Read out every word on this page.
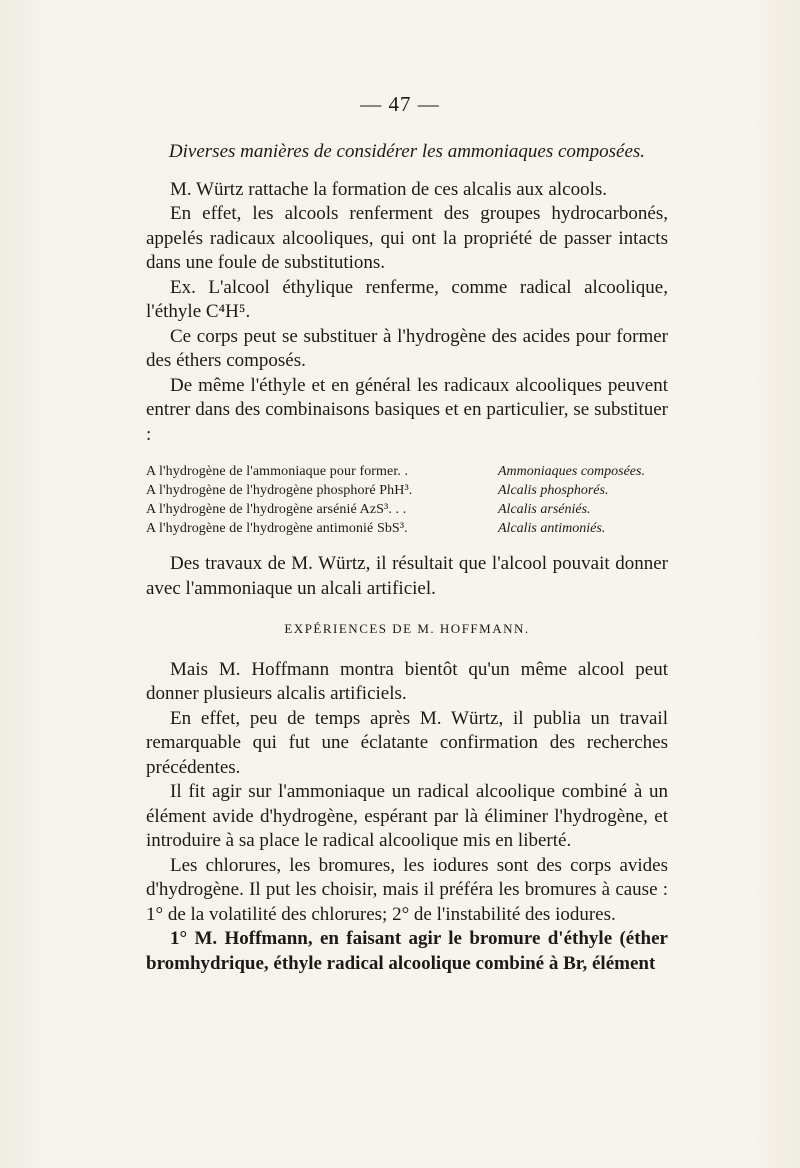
— 47 —
Diverses manières de considérer les ammoniaques composées.

M. Würtz rattache la formation de ces alcalis aux alcools.

En effet, les alcools renferment des groupes hydrocarbonés, appelés radicaux alcooliques, qui ont la propriété de passer intacts dans une foule de substitutions.

Ex. L'alcool éthylique renferme, comme radical alcoolique, l'éthyle C⁴H⁵.

Ce corps peut se substituer à l'hydrogène des acides pour former des éthers composés.

De même l'éthyle et en général les radicaux alcooliques peuvent entrer dans des combinaisons basiques et en particulier, se substituer :

A l'hydrogène de l'ammoniaque pour former. .	Ammoniaques composées.
A l'hydrogène de l'hydrogène phosphoré PhH³.	Alcalis phosphorés.
A l'hydrogène de l'hydrogène arsénié AzS³. . .	Alcalis arséniés.
A l'hydrogène de l'hydrogène antimonié SbS³.	Alcalis antimoniés.

Des travaux de M. Würtz, il résultait que l'alcool pouvait donner avec l'ammoniaque un alcali artificiel.

EXPÉRIENCES DE M. HOFFMANN.

Mais M. Hoffmann montra bientôt qu'un même alcool peut donner plusieurs alcalis artificiels.

En effet, peu de temps après M. Würtz, il publia un travail remarquable qui fut une éclatante confirmation des recherches précédentes.

Il fit agir sur l'ammoniaque un radical alcoolique combiné à un élément avide d'hydrogène, espérant par là éliminer l'hydrogène, et introduire à sa place le radical alcoolique mis en liberté.

Les chlorures, les bromures, les iodures sont des corps avides d'hydrogène. Il put les choisir, mais il préféra les bromures à cause : 1° de la volatilité des chlorures; 2° de l'instabilité des iodures.

1° M. Hoffmann, en faisant agir le bromure d'éthyle (éther bromhydrique, éthyle radical alcoolique combiné à Br, élément
